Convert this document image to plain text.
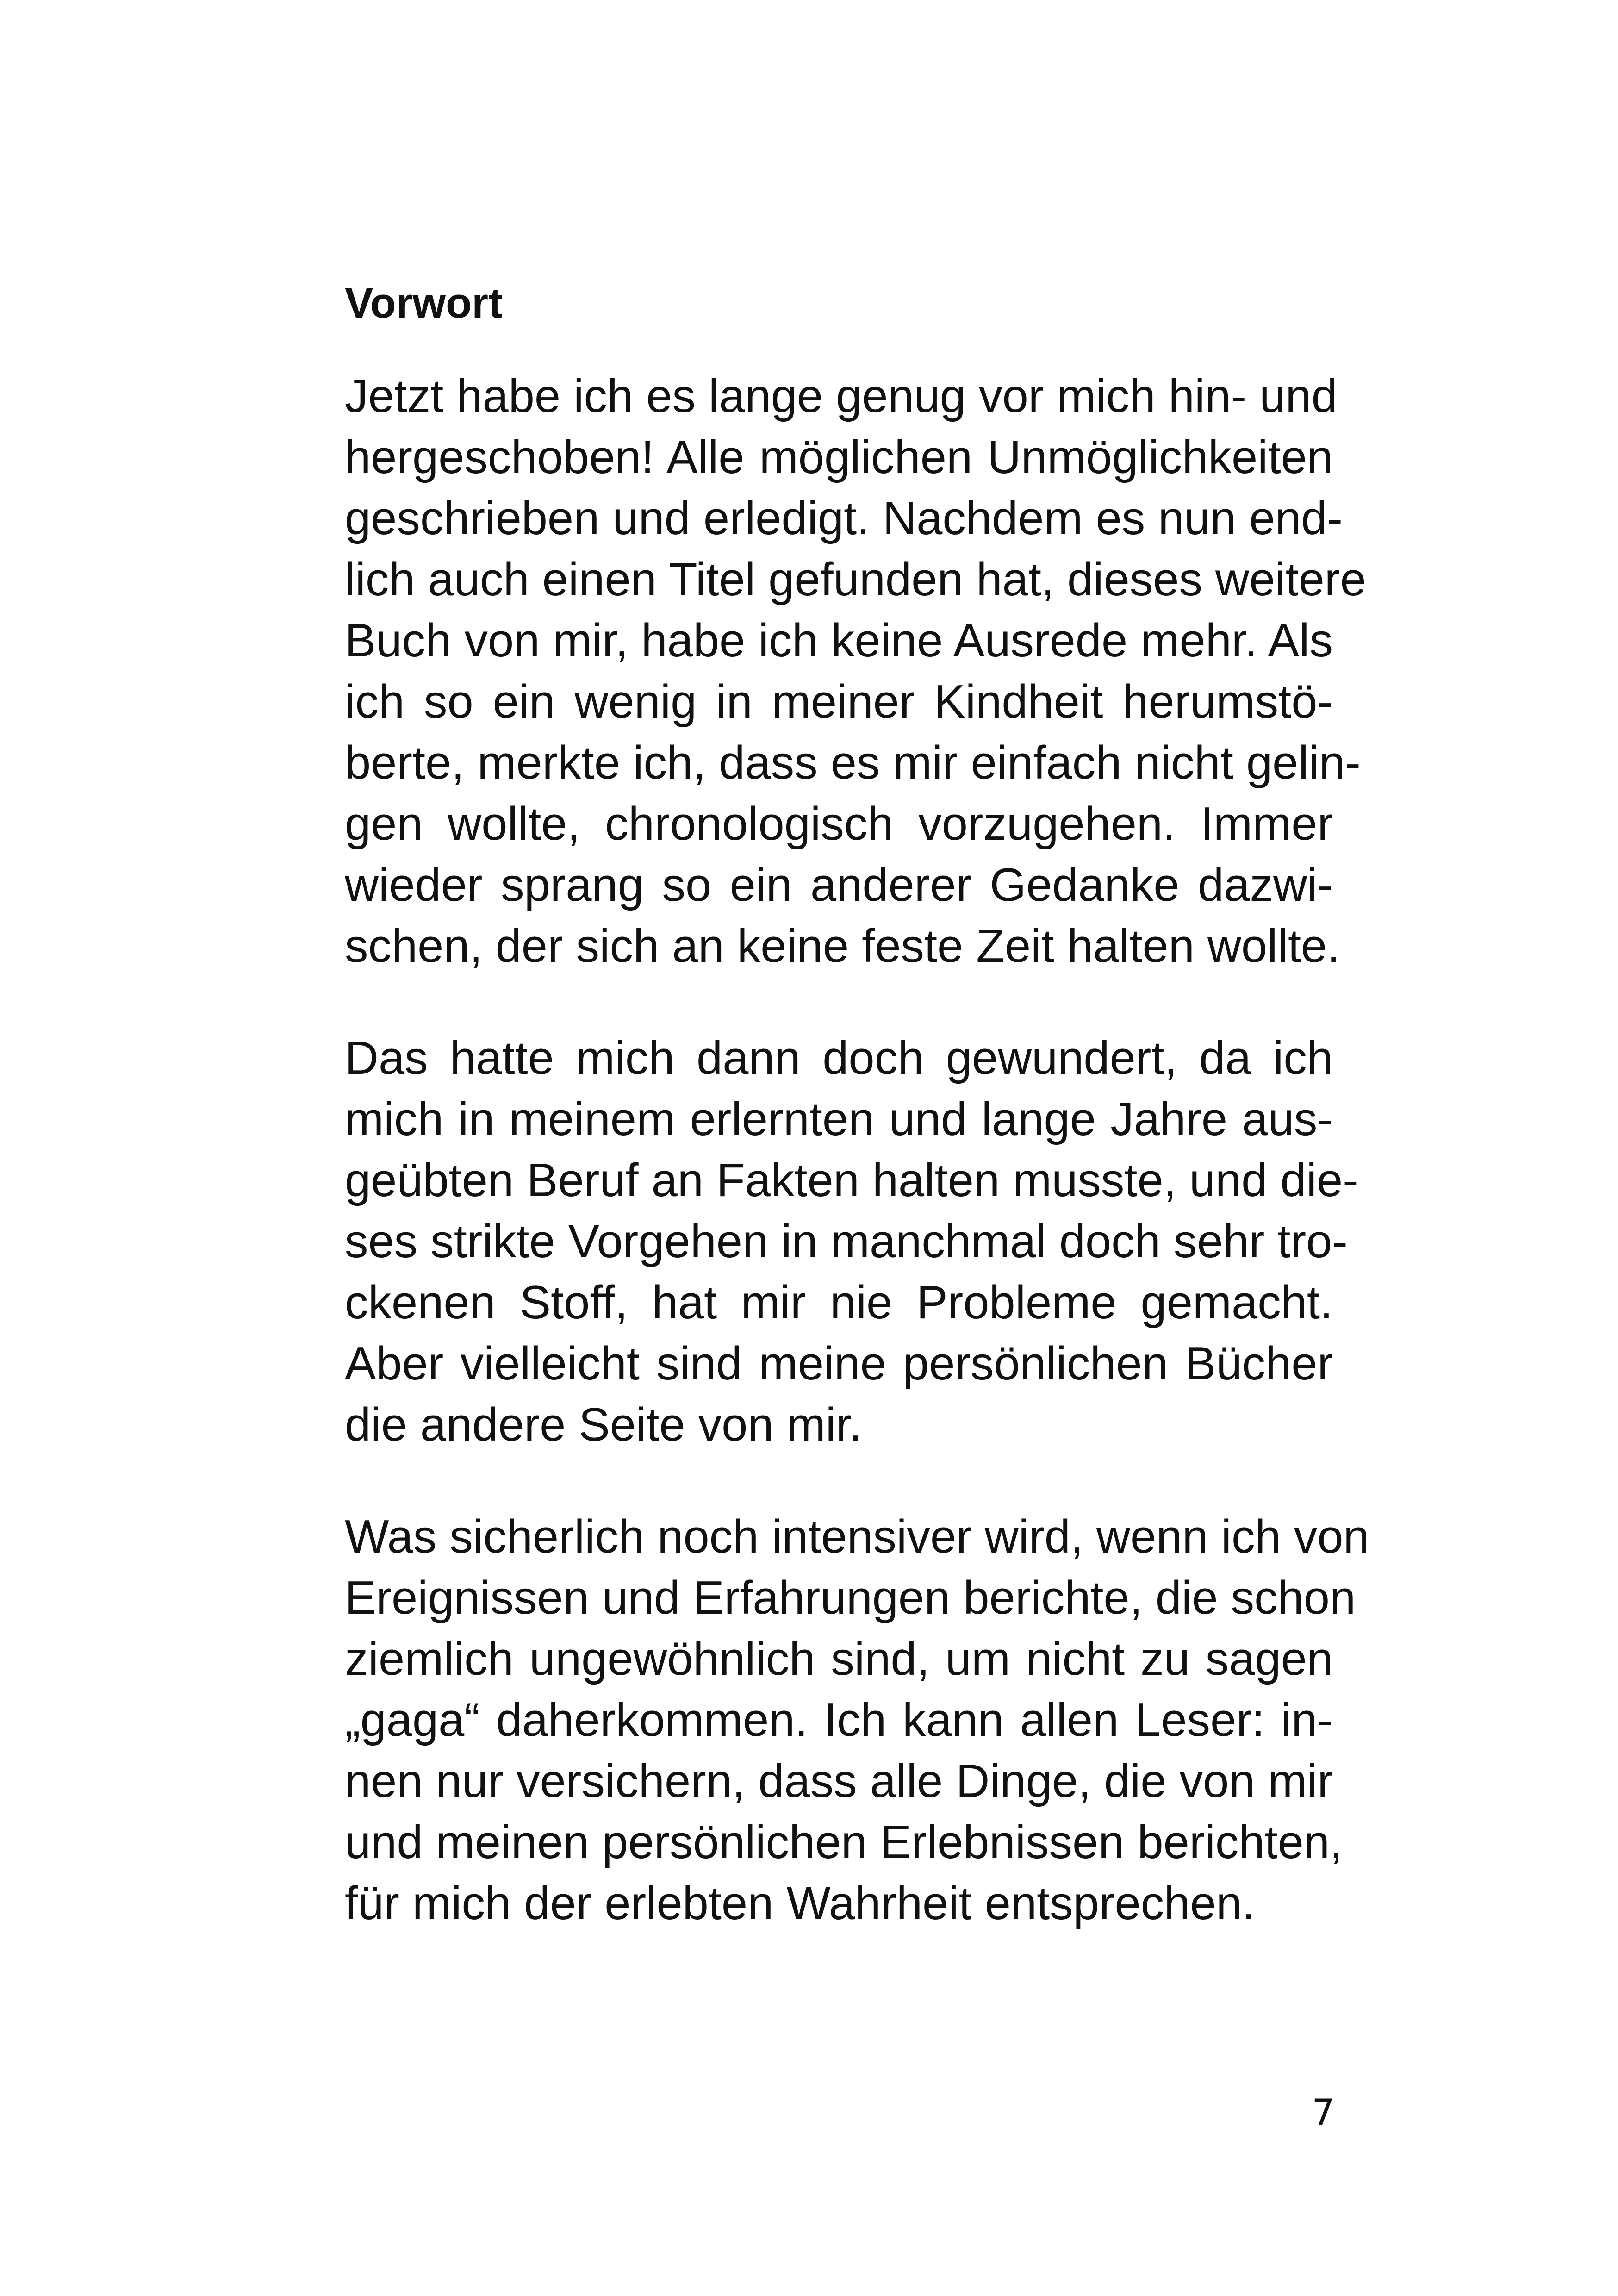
Vorwort

Jetzt habe ich es lange genug vor mich hin- und
hergeschoben! Alle möglichen Unmöglichkeiten
geschrieben und erledigt. Nachdem es nun end-
lich auch einen Titel gefunden hat, dieses weitere
Buch von mir, habe ich keine Ausrede mehr. Als
ich so ein wenig in meiner Kindheit herumstö-
berte, merkte ich, dass es mir einfach nicht gelin-
gen wollte, chronologisch vorzugehen. Immer
wieder sprang so ein anderer Gedanke dazwi-
schen, der sich an keine feste Zeit halten wollte.

Das hatte mich dann doch gewundert, da ich
mich in meinem erlernten und lange Jahre aus-
geübten Beruf an Fakten halten musste, und die-
ses strikte Vorgehen in manchmal doch sehr tro-
ckenen Stoff, hat mir nie Probleme gemacht.
Aber vielleicht sind meine persönlichen Bücher
die andere Seite von mir.

Was sicherlich noch intensiver wird, wenn ich von
Ereignissen und Erfahrungen berichte, die schon
ziemlich ungewöhnlich sind, um nicht zu sagen
„gaga“ daherkommen. Ich kann allen Leser: in-
nen nur versichern, dass alle Dinge, die von mir
und meinen persönlichen Erlebnissen berichten,
für mich der erlebten Wahrheit entsprechen.

7
